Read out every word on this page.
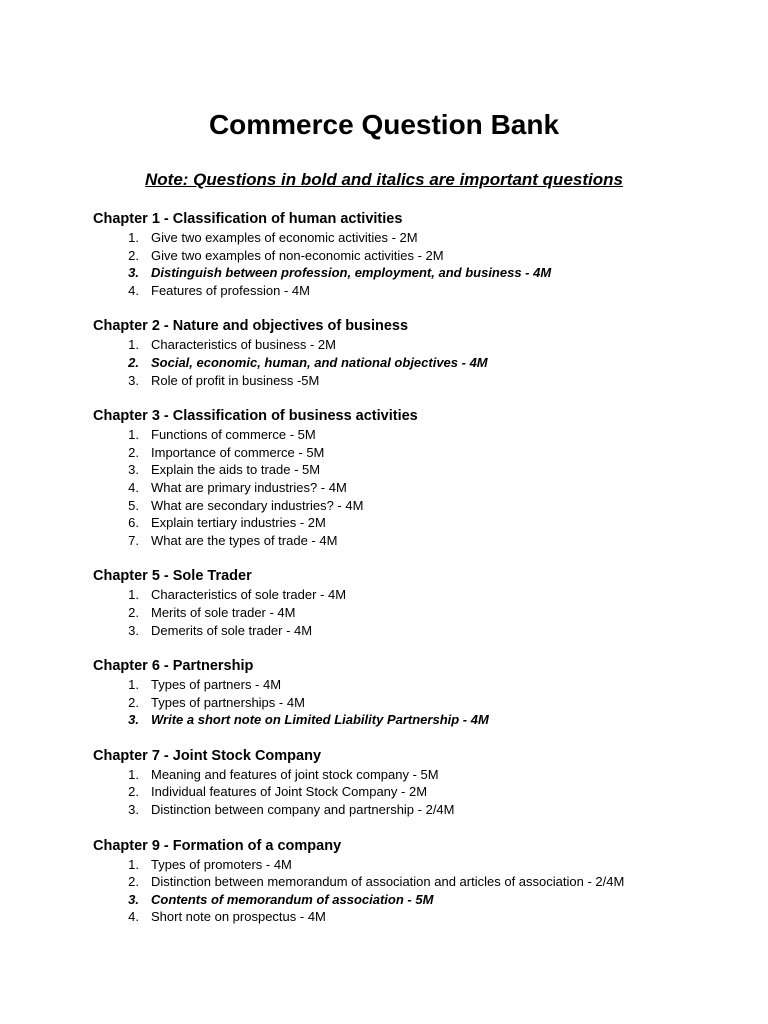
Commerce Question Bank

Note: Questions in bold and italics are important questions

Chapter 1 - Classification of human activities

1. Give two examples of economic activities - 2M
2. Give two examples of non-economic activities - 2M
3. Distinguish between profession, employment, and business - 4M
4. Features of profession - 4M

Chapter 2 - Nature and objectives of business

1. Characteristics of business - 2M
2. Social, economic, human, and national objectives - 4M
3. Role of profit in business -5M

Chapter 3 - Classification of business activities

1. Functions of commerce - 5M
2. Importance of commerce - 5M
3. Explain the aids to trade - 5M
4. What are primary industries? - 4M
5. What are secondary industries? - 4M
6. Explain tertiary industries - 2M
7. What are the types of trade - 4M

Chapter 5 - Sole Trader

1. Characteristics of sole trader - 4M
2. Merits of sole trader - 4M
3. Demerits of sole trader - 4M

Chapter 6 - Partnership

1. Types of partners - 4M
2. Types of partnerships - 4M
3. Write a short note on Limited Liability Partnership - 4M

Chapter 7 - Joint Stock Company

1. Meaning and features of joint stock company - 5M
2. Individual features of Joint Stock Company - 2M
3. Distinction between company and partnership - 2/4M

Chapter 9 - Formation of a company

1. Types of promoters - 4M
2. Distinction between memorandum of association and articles of association - 2/4M
3. Contents of memorandum of association - 5M
4. Short note on prospectus - 4M
